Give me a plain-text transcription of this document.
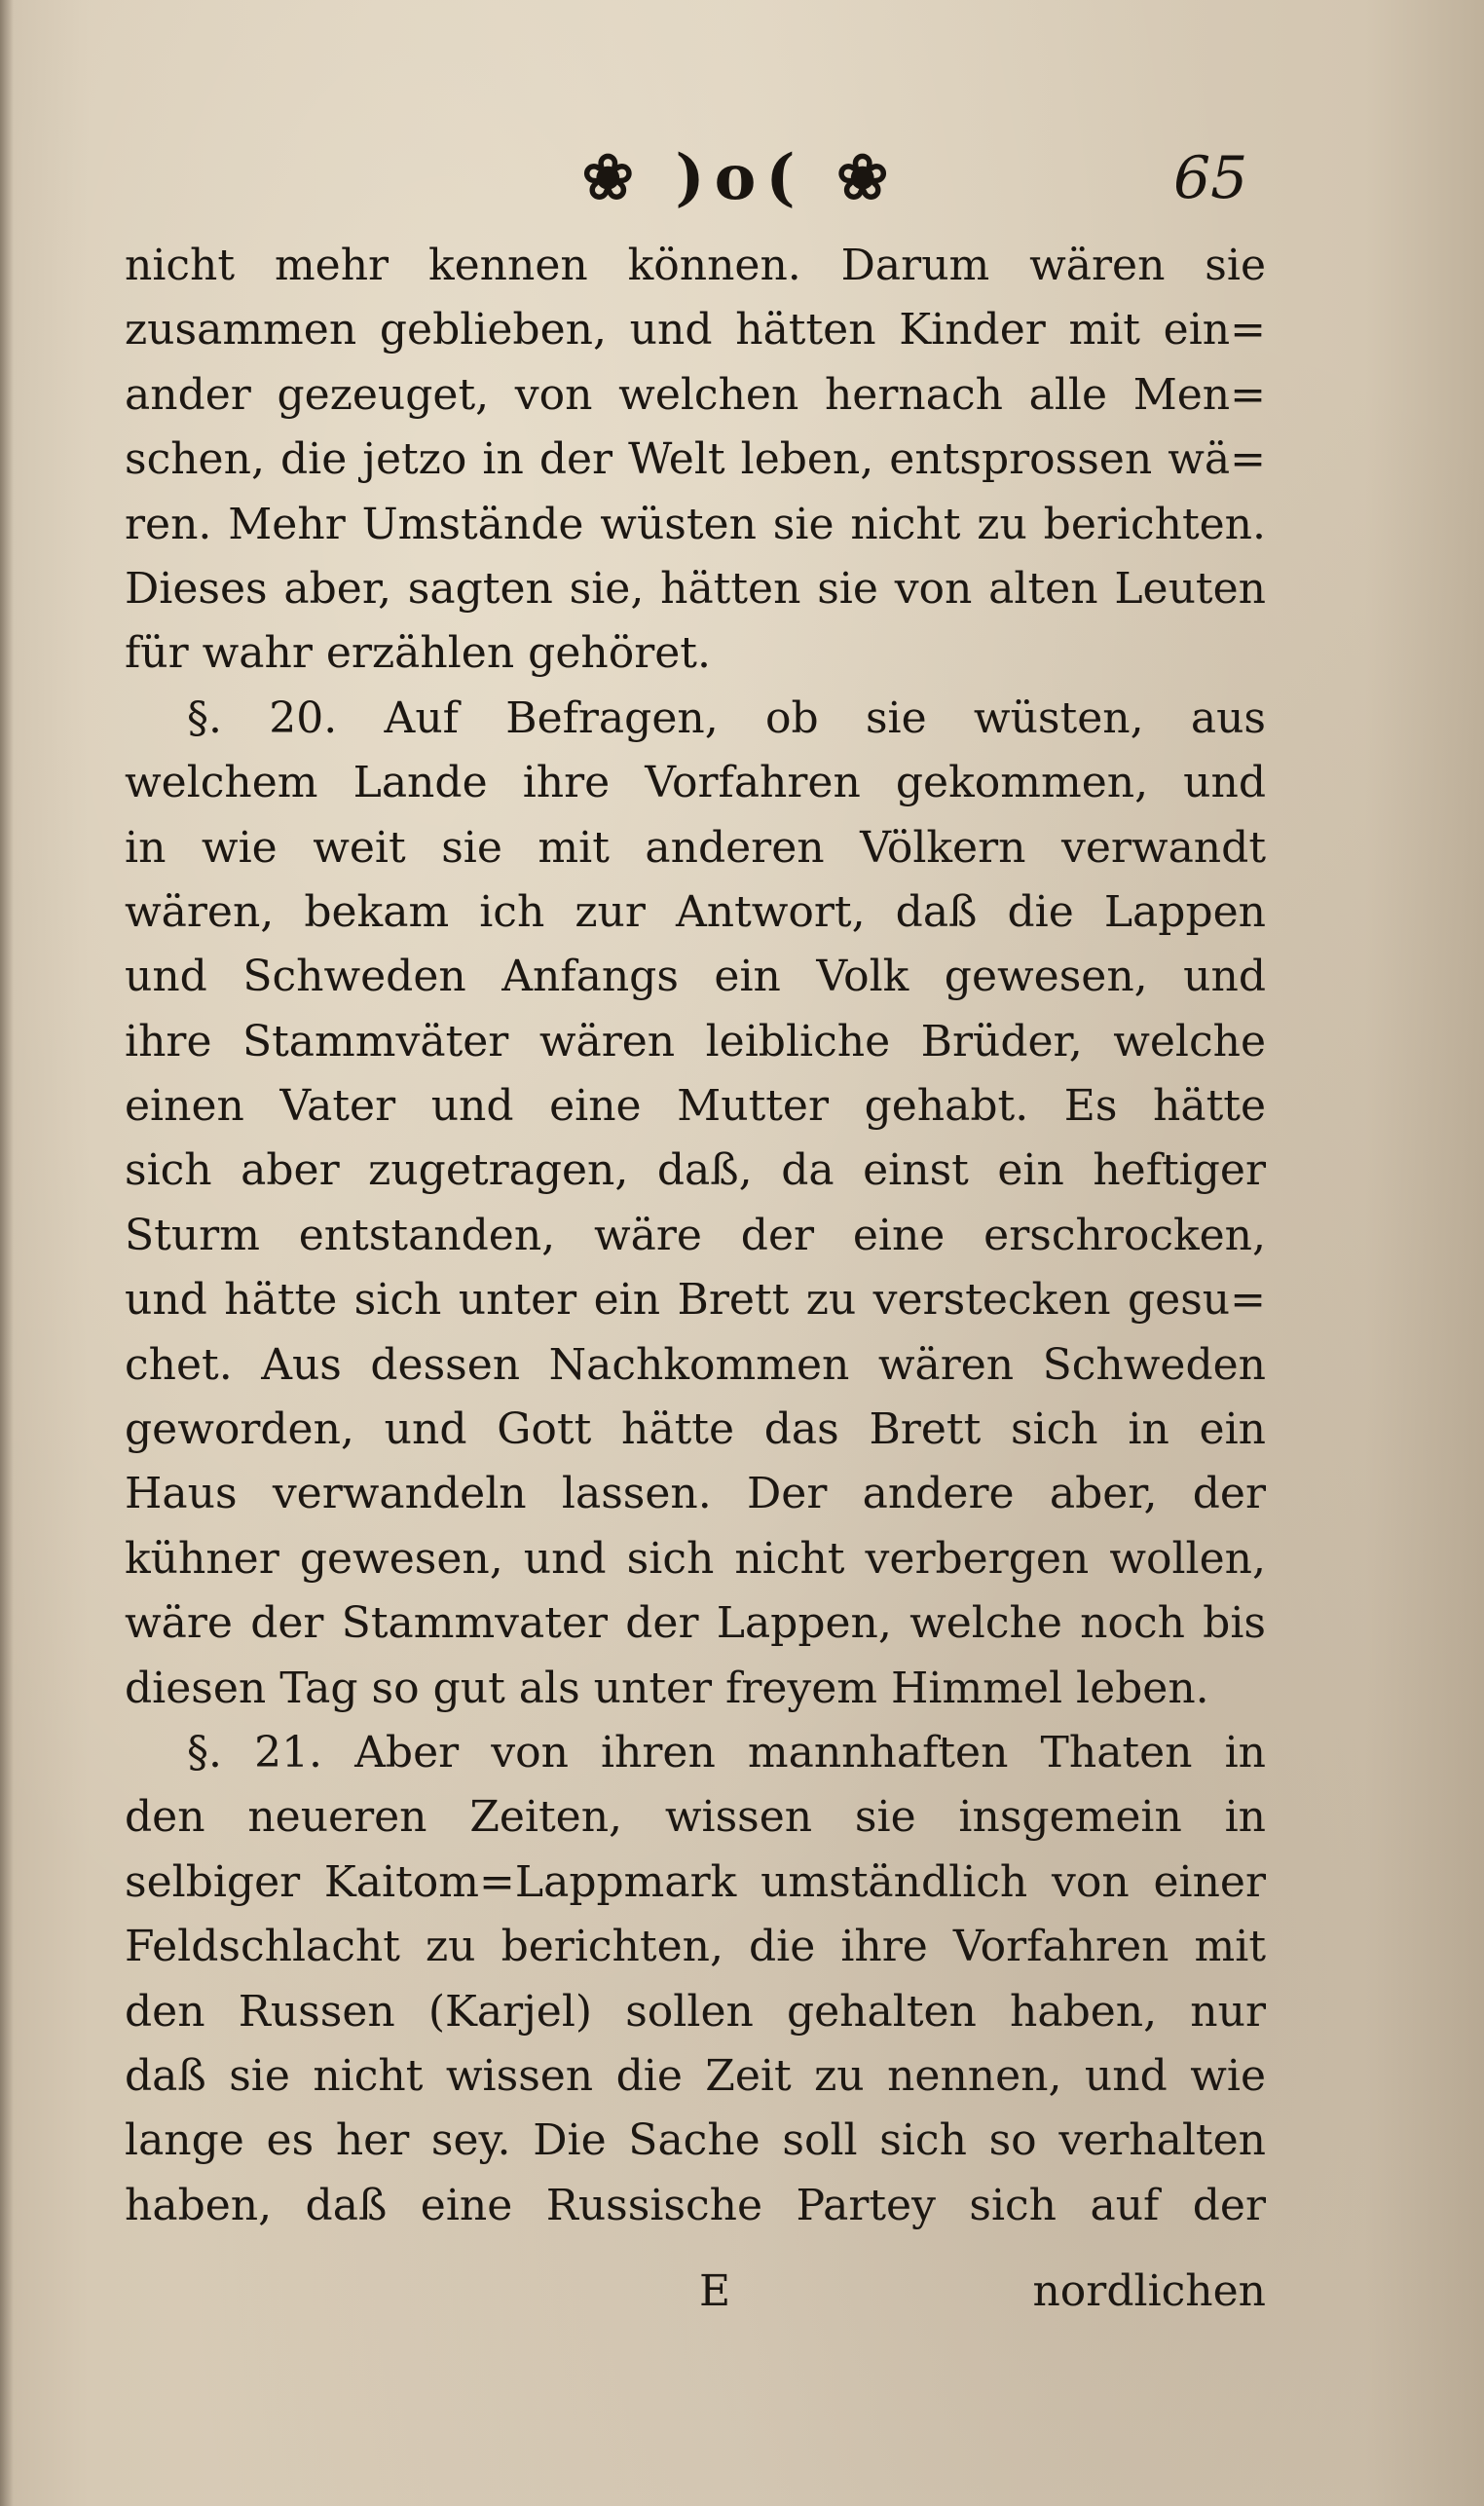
❀ )o( ❀	65
nicht mehr kennen können. Darum wären sie
zusammen geblieben, und hätten Kinder mit ein=
ander gezeuget, von welchen hernach alle Men=
schen, die jetzo in der Welt leben, entsprossen wä=
ren. Mehr Umstände wüsten sie nicht zu berichten.
Dieses aber, sagten sie, hätten sie von alten Leuten
für wahr erzählen gehöret.
§. 20. Auf Befragen, ob sie wüsten, aus
welchem Lande ihre Vorfahren gekommen, und
in wie weit sie mit anderen Völkern verwandt
wären, bekam ich zur Antwort, daß die Lappen
und Schweden Anfangs ein Volk gewesen, und
ihre Stammväter wären leibliche Brüder, welche
einen Vater und eine Mutter gehabt. Es hätte
sich aber zugetragen, daß, da einst ein heftiger
Sturm entstanden, wäre der eine erschrocken,
und hätte sich unter ein Brett zu verstecken gesu=
chet. Aus dessen Nachkommen wären Schweden
geworden, und Gott hätte das Brett sich in ein
Haus verwandeln lassen. Der andere aber, der
kühner gewesen, und sich nicht verbergen wollen,
wäre der Stammvater der Lappen, welche noch bis
diesen Tag so gut als unter freyem Himmel leben.
§. 21. Aber von ihren mannhaften Thaten in
den neueren Zeiten, wissen sie insgemein in
selbiger Kaitom=Lappmark umständlich von einer
Feldschlacht zu berichten, die ihre Vorfahren mit
den Russen (Karjel) sollen gehalten haben, nur
daß sie nicht wissen die Zeit zu nennen, und wie
lange es her sey. Die Sache soll sich so verhalten
haben, daß eine Russische Partey sich auf der
E	nordlichen
